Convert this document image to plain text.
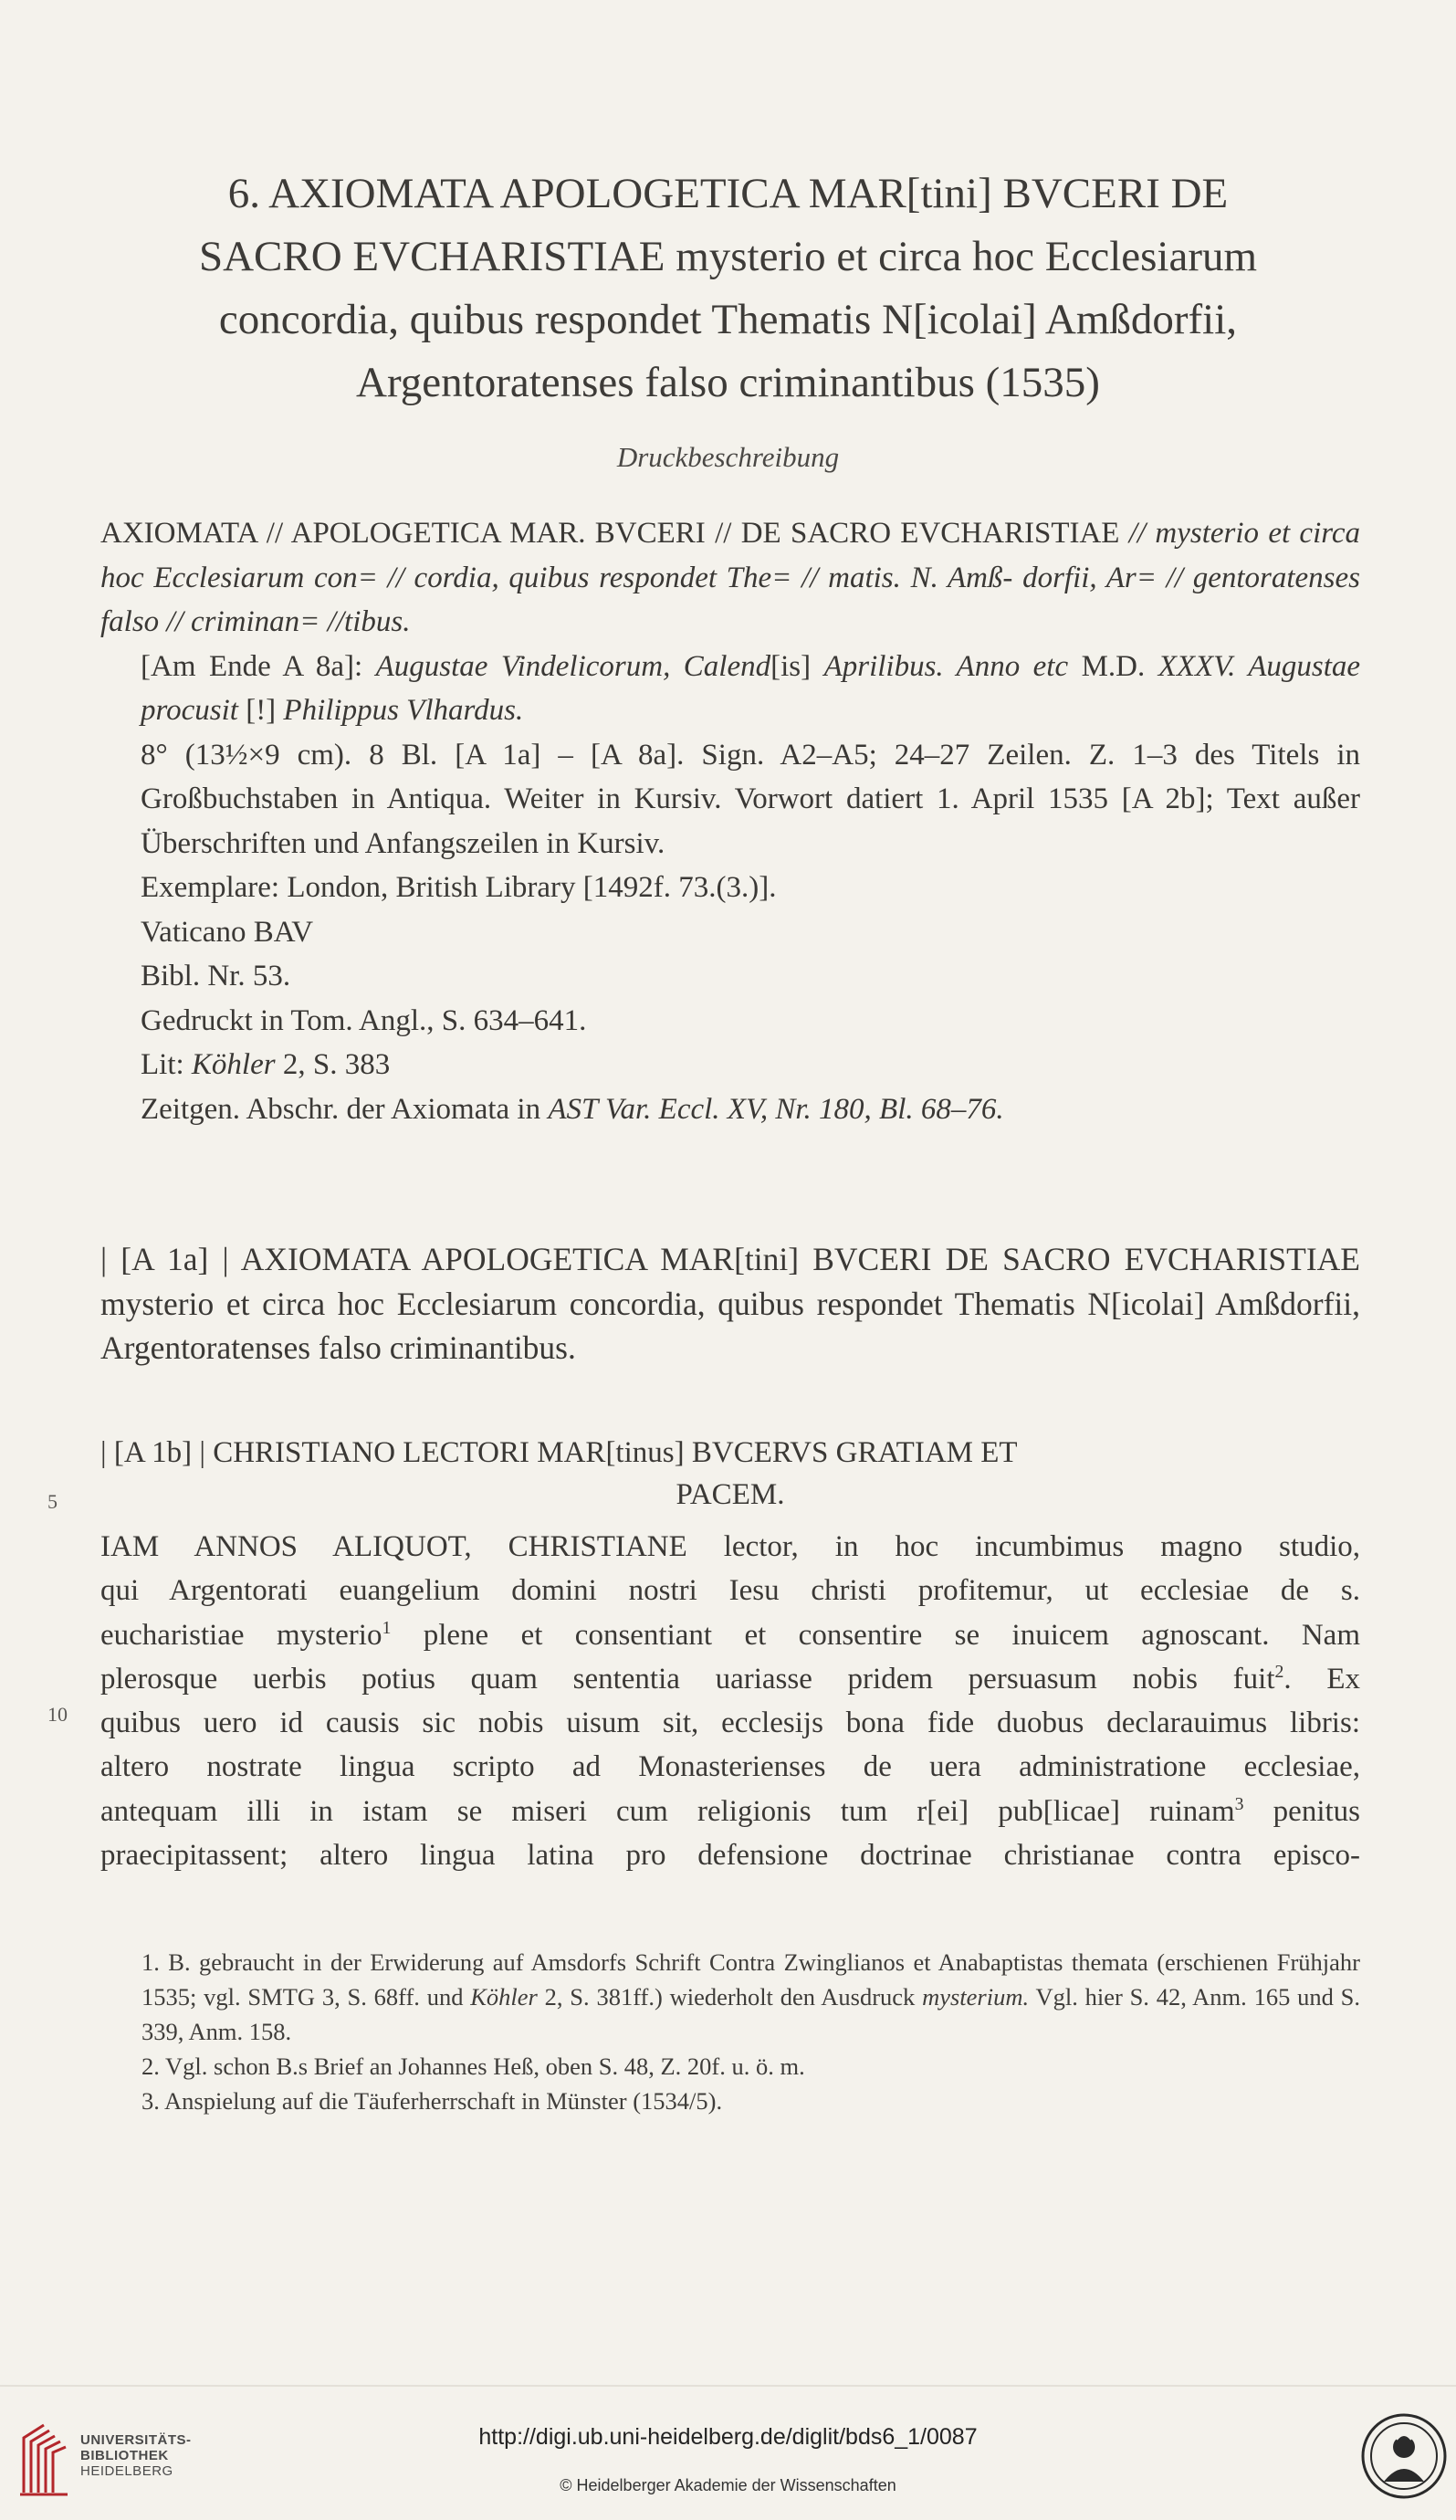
6. AXIOMATA APOLOGETICA MAR[tini] BVCERI DE
SACRO EVCHARISTIAE mysterio et circa hoc Ecclesiarum
concordia, quibus respondet Thematis N[icolai] Amßdorfii,
Argentoratenses falso criminantibus (1535)
Druckbeschreibung

AXIOMATA // APOLOGETICA MAR. BVCERI // DE SACRO EVCHARISTIAE // mysterio et circa hoc Ecclesiarum con= // cordia, quibus respondet The= // matis. N. Amß- dorfii, Ar= // gentoratenses falso // criminan= //tibus.

[Am Ende A 8a]: Augustae Vindelicorum, Calend[is] Aprilibus. Anno etc M.D. XXXV. Augustae procusit [!] Philippus Vlhardus.

8° (13½×9 cm). 8 Bl. [A 1a] – [A 8a]. Sign. A2–A5; 24–27 Zeilen. Z. 1–3 des Titels in Großbuchstaben in Antiqua. Weiter in Kursiv. Vorwort datiert 1. April 1535 [A 2b]; Text außer Überschriften und Anfangszeilen in Kursiv.

Exemplare: London, British Library [1492f. 73.(3.)].

Vaticano BAV

Bibl. Nr. 53.

Gedruckt in Tom. Angl., S. 634–641.

Lit: Köhler 2, S. 383

Zeitgen. Abschr. der Axiomata in AST Var. Eccl. XV, Nr. 180, Bl. 68–76.

| [A 1a] | AXIOMATA APOLOGETICA MAR[tini] BVCERI DE SACRO EVCHARISTIAE mysterio et circa hoc Ecclesiarum concordia, quibus respondet Thematis N[icolai] Amßdorfii, Argentoratenses falso criminantibus.

| [A 1b] | CHRISTIANO LECTORI MAR[tinus] BVCERVS GRATIAM ET

PACEM.

5
IAM ANNOS ALIQUOT, CHRISTIANE lector, in hoc incumbimus magno studio,
qui Argentorati euangelium domini nostri Iesu christi profitemur, ut ecclesiae de s.
eucharistiae mysterio$^1$ plene et consentiant et consentire se inuicem agnoscant. Nam
plerosque uerbis potius quam sententia uariasse pridem persuasum nobis fuit$^2$. Ex
quibus uero id causis sic nobis uisum sit, ecclesijs bona fide duobus declarauimus libris:
altero nostrate lingua scripto ad Monasterienses de uera administratione ecclesiae,
antequam illi in istam se miseri cum religionis tum r[ei] pub[licae] ruinam$^3$ penitus
praecipitassent; altero lingua latina pro defensione doctrinae christianae contra episco-
10

1. B. gebraucht in der Erwiderung auf Amsdorfs Schrift Contra Zwinglianos et Anabaptistas themata (erschienen Frühjahr 1535; vgl. SMTG 3, S. 68ff. und Köhler 2, S. 381ff.) wiederholt den Ausdruck mysterium. Vgl. hier S. 42, Anm. 165 und S. 339, Anm. 158.

2. Vgl. schon B.s Brief an Johannes Heß, oben S. 48, Z. 20f. u. ö. m.

3. Anspielung auf die Täuferherrschaft in Münster (1534/5).

UNIVERSITÄTS-
BIBLIOTHEK
HEIDELBERG
http://digi.ub.uni-heidelberg.de/diglit/bds6_1/0087
© Heidelberger Akademie der Wissenschaften
